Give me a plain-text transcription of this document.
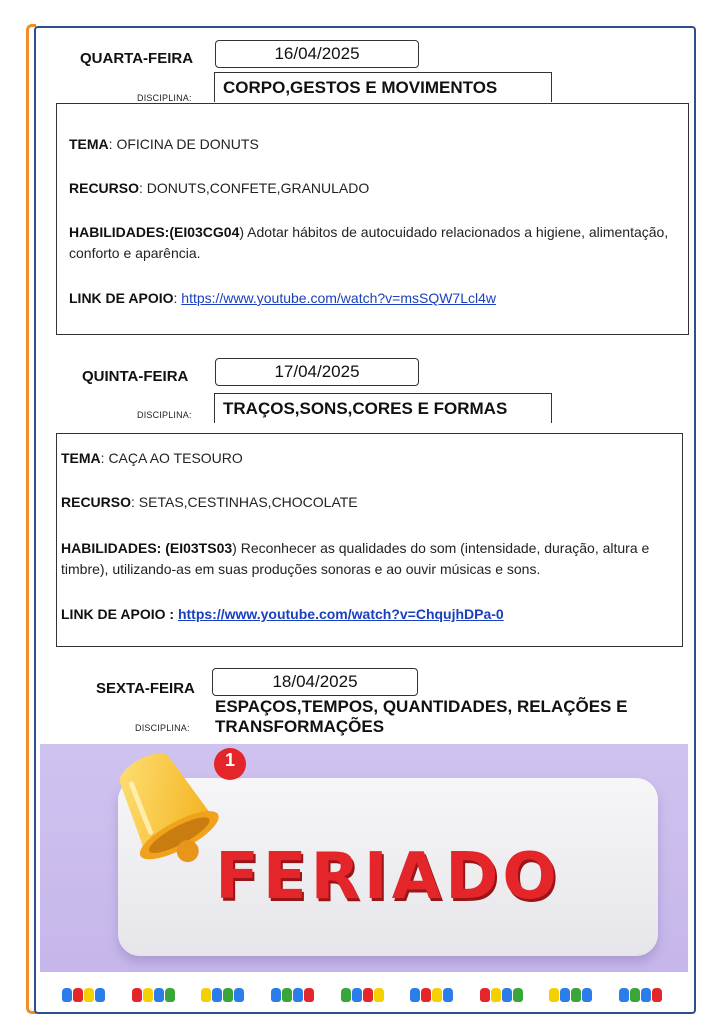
QUARTA-FEIRA	16/04/2025
DISCIPLINA:
CORPO,GESTOS E MOVIMENTOS
TEMA: OFICINA DE DONUTS
RECURSO: DONUTS,CONFETE,GRANULADO
HABILIDADES:(EI03CG04) Adotar hábitos de autocuidado relacionados a higiene, alimentação, conforto e aparência.
LINK DE APOIO: https://www.youtube.com/watch?v=msSQW7Lcl4w
QUINTA-FEIRA	17/04/2025
DISCIPLINA:	TRAÇOS,SONS,CORES E FORMAS
TEMA: CAÇA AO TESOURO
RECURSO: SETAS,CESTINHAS,CHOCOLATE
HABILIDADES: (EI03TS03) Reconhecer as qualidades do som (intensidade, duração, altura e timbre), utilizando-as em suas produções sonoras e ao ouvir músicas e sons.
LINK DE APOIO : https://www.youtube.com/watch?v=ChqujhDPa-0
SEXTA-FEIRA	18/04/2025
DISCIPLINA:
ESPAÇOS,TEMPOS, QUANTIDADES, RELAÇÕES E TRANSFORMAÇÕES
1
FERIADO
